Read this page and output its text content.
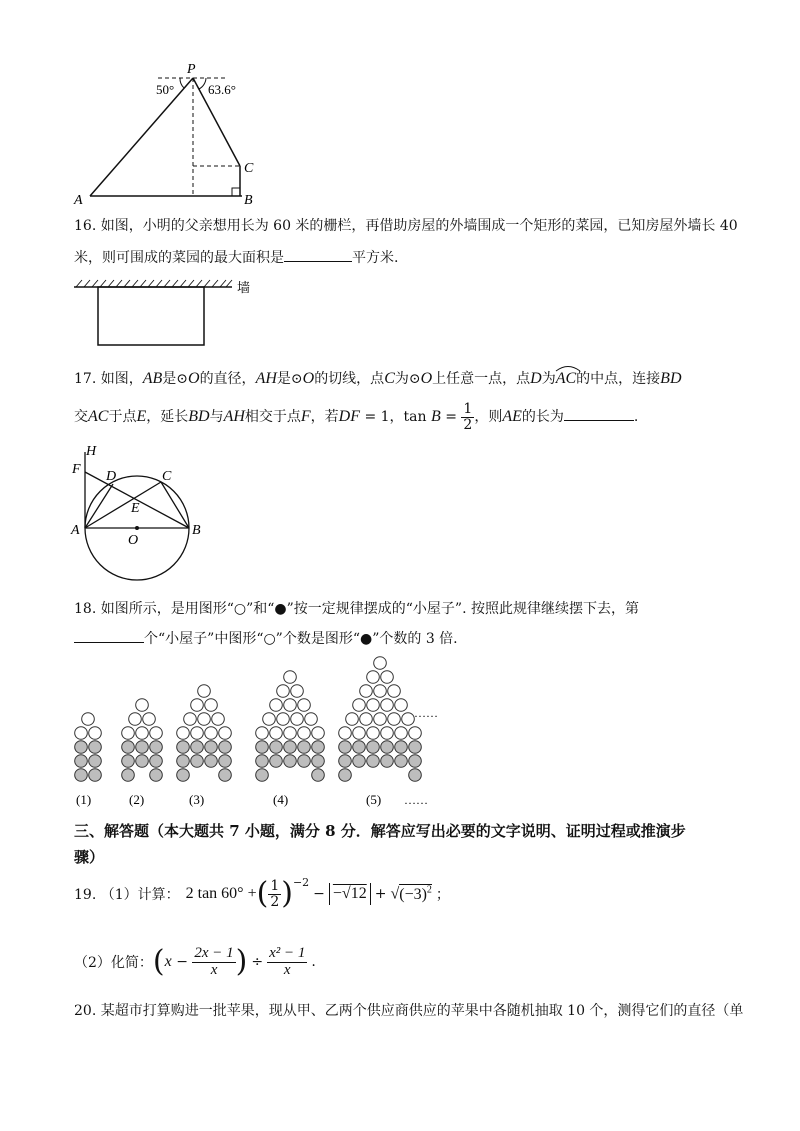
P
A	B
C
50°	63.6°
16. 如图，小明的父亲想用长为 60 米的栅栏，再借助房屋的外墙围成一个矩形的菜园，已知房屋外墙长 40
米，则可围成的菜园的最大面积是	平方米.
墙
17. 如图，AB是⊙O的直径，AH是⊙O的切线，点C为⊙O上任意一点，点D为AC
的中点，连接BD
交AC于点E，延长BD与AH相交于点F，若DF = 1，$\tan B = \frac{1}{2}$ ，则AE的长为	.
H
F D	C
E
A
O
B
18. 如图所示，是用图形“○”和“●”按一定规律摆成的“小屋子”. 按照此规律继续摆下去，第
个“小屋子”中图形“○”个数是图形“●”个数的 3 倍.
……
(1)	(2)	(3)	(4)	(5) ……
三、解答题（本大题共 7 小题，满分 8 分．解答应写出必要的文字说明、证明过程或推演步
骤）
19. （1）计算： 2 tan 60° + ( $\frac{1}{2} )^{-2}$
− $-√12 + √(-3)^2$ ；
（2）化简： ( $x - \frac{2x - 1}{x}$ ) ÷ $\frac{\text{x² − 1}}{x}$ .
20. 某超市打算购进一批苹果，现从甲、乙两个供应商供应的苹果中各随机抽取 10 个，测得它们的直径（单
